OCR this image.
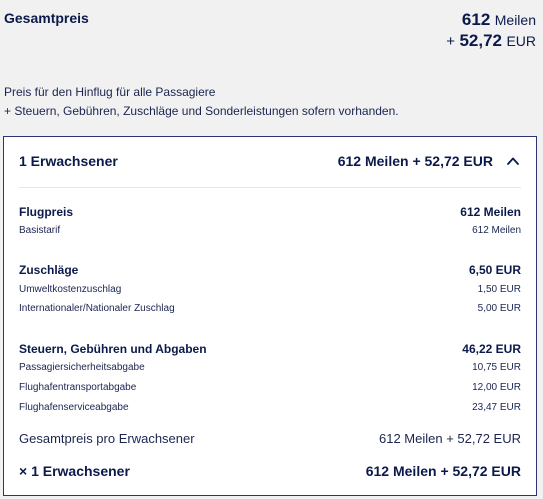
Gesamtpreis	612 Meilen
+ 52,72 EUR
Preis für den Hinflug für alle Passagiere
+ Steuern, Gebühren, Zuschläge und Sonderleistungen sofern vorhanden.
1 Erwachsener	612 Meilen + 52,72 EUR
Flugpreis	612 Meilen
Basistarif	612 Meilen
Zuschläge	6,50 EUR
Umweltkostenzuschlag	1,50 EUR
Internationaler/Nationaler Zuschlag	5,00 EUR
Steuern, Gebühren und Abgaben	46,22 EUR
Passagiersicherheitsabgabe	10,75 EUR
Flughafentransportabgabe	12,00 EUR
Flughafenserviceabgabe	23,47 EUR
Gesamtpreis pro Erwachsener	612 Meilen + 52,72 EUR
× 1 Erwachsener	612 Meilen + 52,72 EUR
